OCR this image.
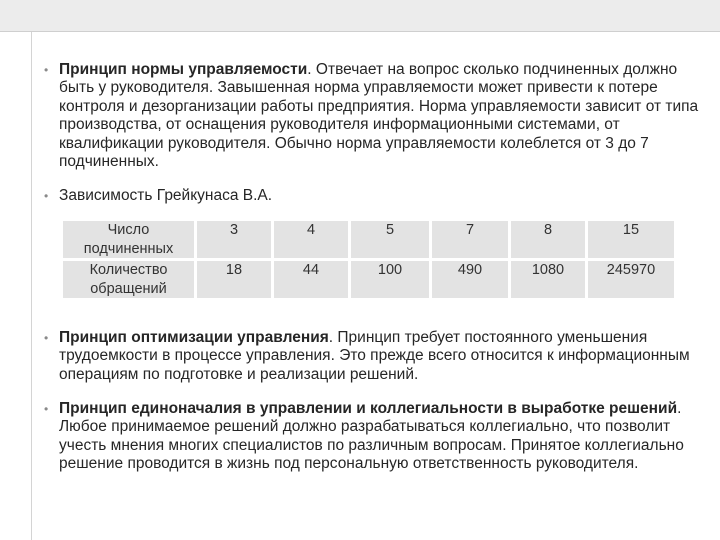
• Принцип нормы управляемости. Отвечает на вопрос сколько подчиненных должно быть у руководителя. Завышенная норма управляемости может привести к потере контроля и дезорганизации работы предприятия. Норма управляемости зависит от типа производства, от оснащения руководителя информационными системами, от квалификации руководителя. Обычно норма управляемости колеблется от 3 до 7 подчиненных.
• Зависимость Грейкунаса В.А.
Число подчиненных	3	4	5	7	8	15
Количество обращений	18	44	100	490	1080	245970
• Принцип оптимизации управления. Принцип требует постоянного уменьшения трудоемкости в процессе управления. Это прежде всего относится к информационным операциям по подготовке и реализации решений.
• Принцип единоначалия в управлении и коллегиальности в выработке решений. Любое принимаемое решений должно разрабатываться коллегиально, что позволит учесть мнения многих специалистов по различным вопросам. Принятое коллегиально решение проводится в жизнь под персональную ответственность руководителя.
